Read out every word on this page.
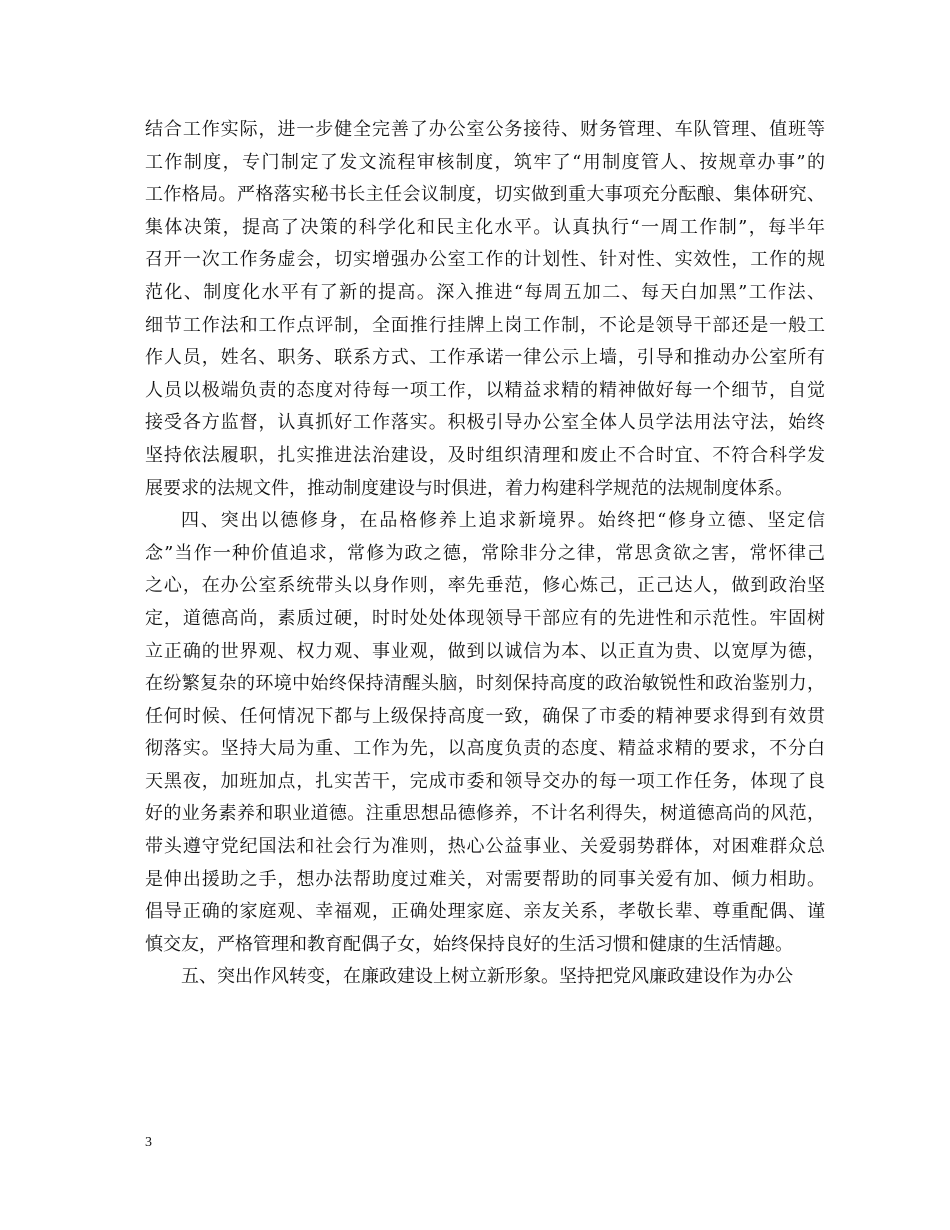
结合工作实际，进一步健全完善了办公室公务接待、财务管理、车队管理、值班等
工作制度，专门制定了发文流程审核制度，筑牢了“用制度管人、按规章办事”的
工作格局。严格落实秘书长主任会议制度，切实做到重大事项充分酝酿、集体研究、
集体决策，提高了决策的科学化和民主化水平。认真执行“一周工作制”，每半年
召开一次工作务虚会，切实增强办公室工作的计划性、针对性、实效性，工作的规
范化、制度化水平有了新的提高。深入推进“每周五加二、每天白加黑”工作法、
细节工作法和工作点评制，全面推行挂牌上岗工作制，不论是领导干部还是一般工
作人员，姓名、职务、联系方式、工作承诺一律公示上墙，引导和推动办公室所有
人员以极端负责的态度对待每一项工作，以精益求精的精神做好每一个细节，自觉
接受各方监督，认真抓好工作落实。积极引导办公室全体人员学法用法守法，始终
坚持依法履职，扎实推进法治建设，及时组织清理和废止不合时宜、不符合科学发
展要求的法规文件，推动制度建设与时俱进，着力构建科学规范的法规制度体系。
四、突出以德修身，在品格修养上追求新境界。始终把“修身立德、坚定信
念”当作一种价值追求，常修为政之德，常除非分之律，常思贪欲之害，常怀律己
之心，在办公室系统带头以身作则，率先垂范，修心炼己，正己达人，做到政治坚
定，道德高尚，素质过硬，时时处处体现领导干部应有的先进性和示范性。牢固树
立正确的世界观、权力观、事业观，做到以诚信为本、以正直为贵、以宽厚为德，
在纷繁复杂的环境中始终保持清醒头脑，时刻保持高度的政治敏锐性和政治鉴别力，
任何时候、任何情况下都与上级保持高度一致，确保了市委的精神要求得到有效贯
彻落实。坚持大局为重、工作为先，以高度负责的态度、精益求精的要求，不分白
天黑夜，加班加点，扎实苦干，完成市委和领导交办的每一项工作任务，体现了良
好的业务素养和职业道德。注重思想品德修养，不计名利得失，树道德高尚的风范，
带头遵守党纪国法和社会行为准则，热心公益事业、关爱弱势群体，对困难群众总
是伸出援助之手，想办法帮助度过难关，对需要帮助的同事关爱有加、倾力相助。
倡导正确的家庭观、幸福观，正确处理家庭、亲友关系，孝敬长辈、尊重配偶、谨
慎交友，严格管理和教育配偶子女，始终保持良好的生活习惯和健康的生活情趣。
五、突出作风转变，在廉政建设上树立新形象。坚持把党风廉政建设作为办公
3
